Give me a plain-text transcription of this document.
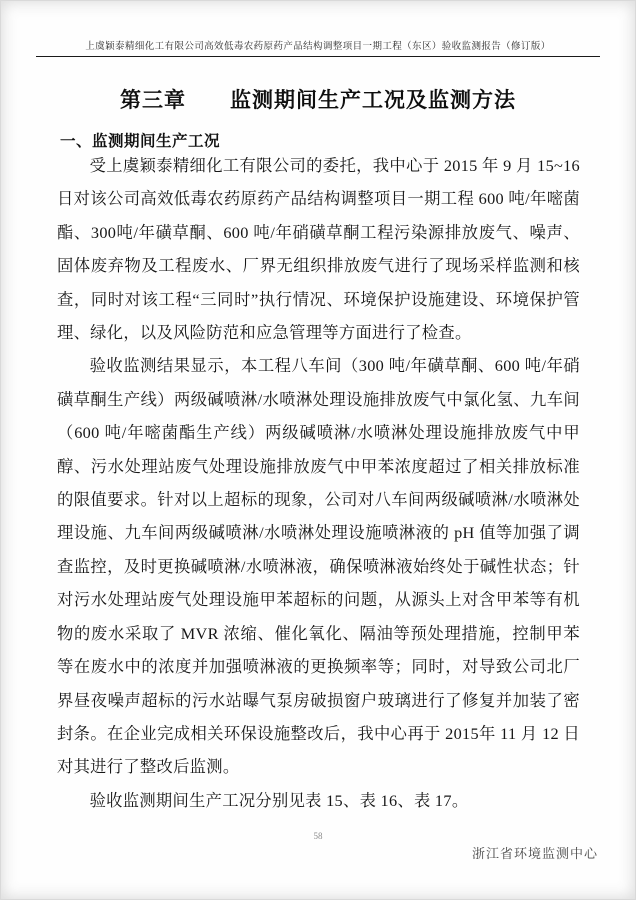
上虞颖泰精细化工有限公司高效低毒农药原药产品结构调整项目一期工程（东区）验收监测报告（修订版）
第三章　　监测期间生产工况及监测方法
一、监测期间生产工况

受上虞颖泰精细化工有限公司的委托，我中心于 2015 年 9 月 15~16 日对该公司高效低毒农药原药产品结构调整项目一期工程 600 吨/年嘧菌酯、300吨/年磺草酮、600 吨/年硝磺草酮工程污染源排放废气、噪声、固体废弃物及工程废水、厂界无组织排放废气进行了现场采样监测和核查，同时对该工程“三同时”执行情况、环境保护设施建设、环境保护管理、绿化，以及风险防范和应急管理等方面进行了检查。

验收监测结果显示，本工程八车间（300 吨/年磺草酮、600 吨/年硝磺草酮生产线）两级碱喷淋/水喷淋处理设施排放废气中氯化氢、九车间（600 吨/年嘧菌酯生产线）两级碱喷淋/水喷淋处理设施排放废气中甲醇、污水处理站废气处理设施排放废气中甲苯浓度超过了相关排放标准的限值要求。针对以上超标的现象，公司对八车间两级碱喷淋/水喷淋处理设施、九车间两级碱喷淋/水喷淋处理设施喷淋液的 pH 值等加强了调查监控，及时更换碱喷淋/水喷淋液，确保喷淋液始终处于碱性状态；针对污水处理站废气处理设施甲苯超标的问题，从源头上对含甲苯等有机物的废水采取了 MVR 浓缩、催化氧化、隔油等预处理措施，控制甲苯等在废水中的浓度并加强喷淋液的更换频率等；同时，对导致公司北厂界昼夜噪声超标的污水站曝气泵房破损窗户玻璃进行了修复并加装了密封条。在企业完成相关环保设施整改后，我中心再于 2015年 11 月 12 日对其进行了整改后监测。

验收监测期间生产工况分别见表 15、表 16、表 17。

58
浙江省环境监测中心
